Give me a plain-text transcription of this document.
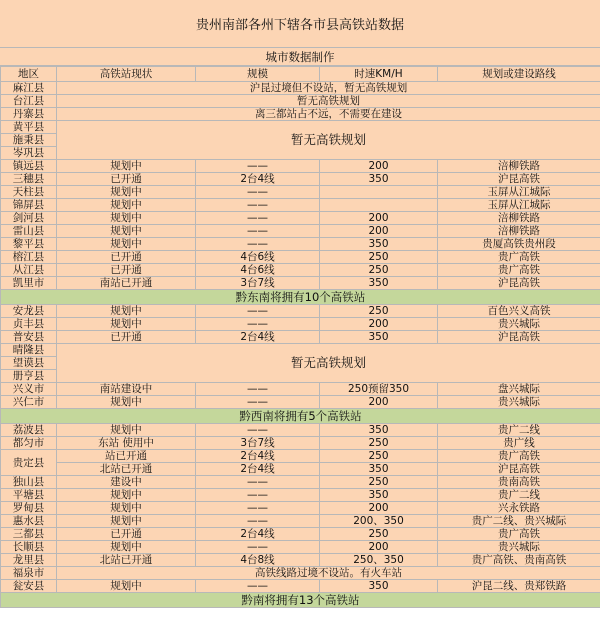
贵州南部各州下辖各市县高铁站数据
城市数据制作
地区	高铁站现状	规模	时速KM/H	规划或建设路线
麻江县	沪昆过境但不设站，暂无高铁规划			
台江县	暂无高铁规划			
丹寨县	离三都站占不远，不需要在建设			
黄平县	暂无高铁规划			
施秉县				
岑巩县				
镇远县	规划中	——	200	涪柳铁路
三穗县	已开通	2台4线	350	沪昆高铁
天柱县	规划中	——		玉屏从江城际
锦屏县	规划中	——		玉屏从江城际
剑河县	规划中	——	200	涪柳铁路
雷山县	规划中	——	200	涪柳铁路
黎平县	规划中	——	350	贵厦高铁贵州段
榕江县	已开通	4台6线	250	贵广高铁
从江县	已开通	4台6线	250	贵广高铁
凯里市	南站已开通	3台7线	350	沪昆高铁
黔东南将拥有10个高铁站				
安龙县	规划中	——	250	百色兴义高铁
贞丰县	规划中	——	200	贵兴城际
普安县	已开通	2台4线	350	沪昆高铁
晴隆县	暂无高铁规划			
望谟县				
册亨县				
兴义市	南站建设中	——	250预留350	盘兴城际
兴仁市	规划中	——	200	贵兴城际
黔西南将拥有5个高铁站				
荔波县	规划中	——	350	贵广二线
都匀市	东站 使用中	3台7线	250	贵广线
贵定县	站已开通	2台4线	250	贵广高铁
	北站已开通	2台4线	350	沪昆高铁
独山县	建设中	——	250	贵南高铁
平塘县	规划中	——	350	贵广二线
罗甸县	规划中	——	200	兴永铁路
惠水县	规划中	——	200、350	贵广二线、贵兴城际
三都县	已开通	2台4线	250	贵广高铁
长顺县	规划中	——	200	贵兴城际
龙里县	北站已开通	4台8线	250、350	贵广高铁、贵南高铁
福泉市	高铁线路过境不设站。有火车站			
瓮安县	规划中	——	350	沪昆二线、贵郑铁路
黔南将拥有13个高铁站				
